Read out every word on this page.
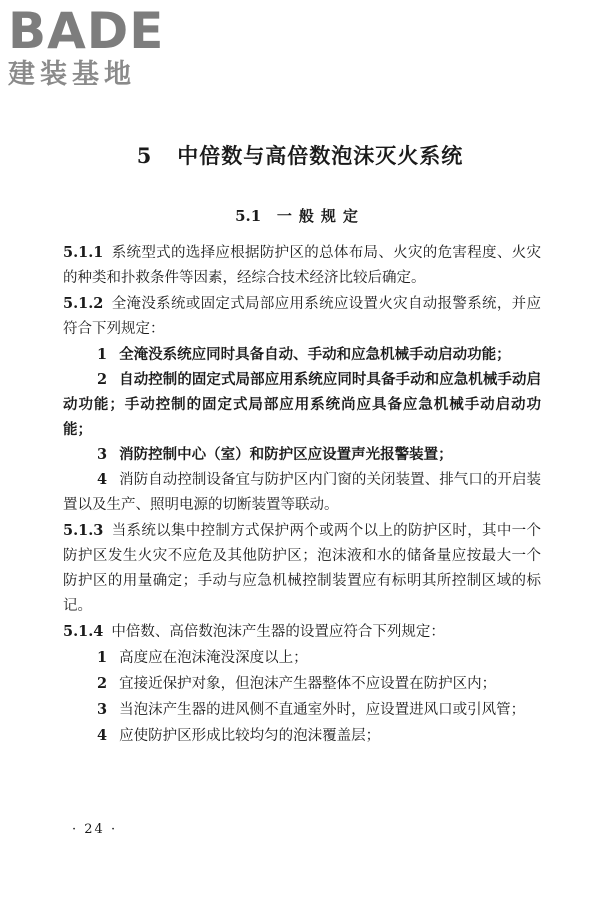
BADE
建装基地
5 中倍数与高倍数泡沫灭火系统
5.1 一般规定

5.1.1 系统型式的选择应根据防护区的总体布局、火灾的危害程度、火灾的种类和扑救条件等因素，经综合技术经济比较后确定。

5.1.2 全淹没系统或固定式局部应用系统应设置火灾自动报警系统，并应符合下列规定：

1 全淹没系统应同时具备自动、手动和应急机械手动启动功能；

2 自动控制的固定式局部应用系统应同时具备手动和应急机械手动启动功能；手动控制的固定式局部应用系统尚应具备应急机械手动启动功能；

3 消防控制中心（室）和防护区应设置声光报警装置；

4 消防自动控制设备宜与防护区内门窗的关闭装置、排气口的开启装置以及生产、照明电源的切断装置等联动。

5.1.3 当系统以集中控制方式保护两个或两个以上的防护区时，其中一个防护区发生火灾不应危及其他防护区；泡沫液和水的储备量应按最大一个防护区的用量确定；手动与应急机械控制装置应有标明其所控制区域的标记。

5.1.4 中倍数、高倍数泡沫产生器的设置应符合下列规定：

1 高度应在泡沫淹没深度以上；

2 宜接近保护对象，但泡沫产生器整体不应设置在防护区内；

3 当泡沫产生器的进风侧不直通室外时，应设置进风口或引风管；

4 应使防护区形成比较均匀的泡沫覆盖层；

· 24 ·
